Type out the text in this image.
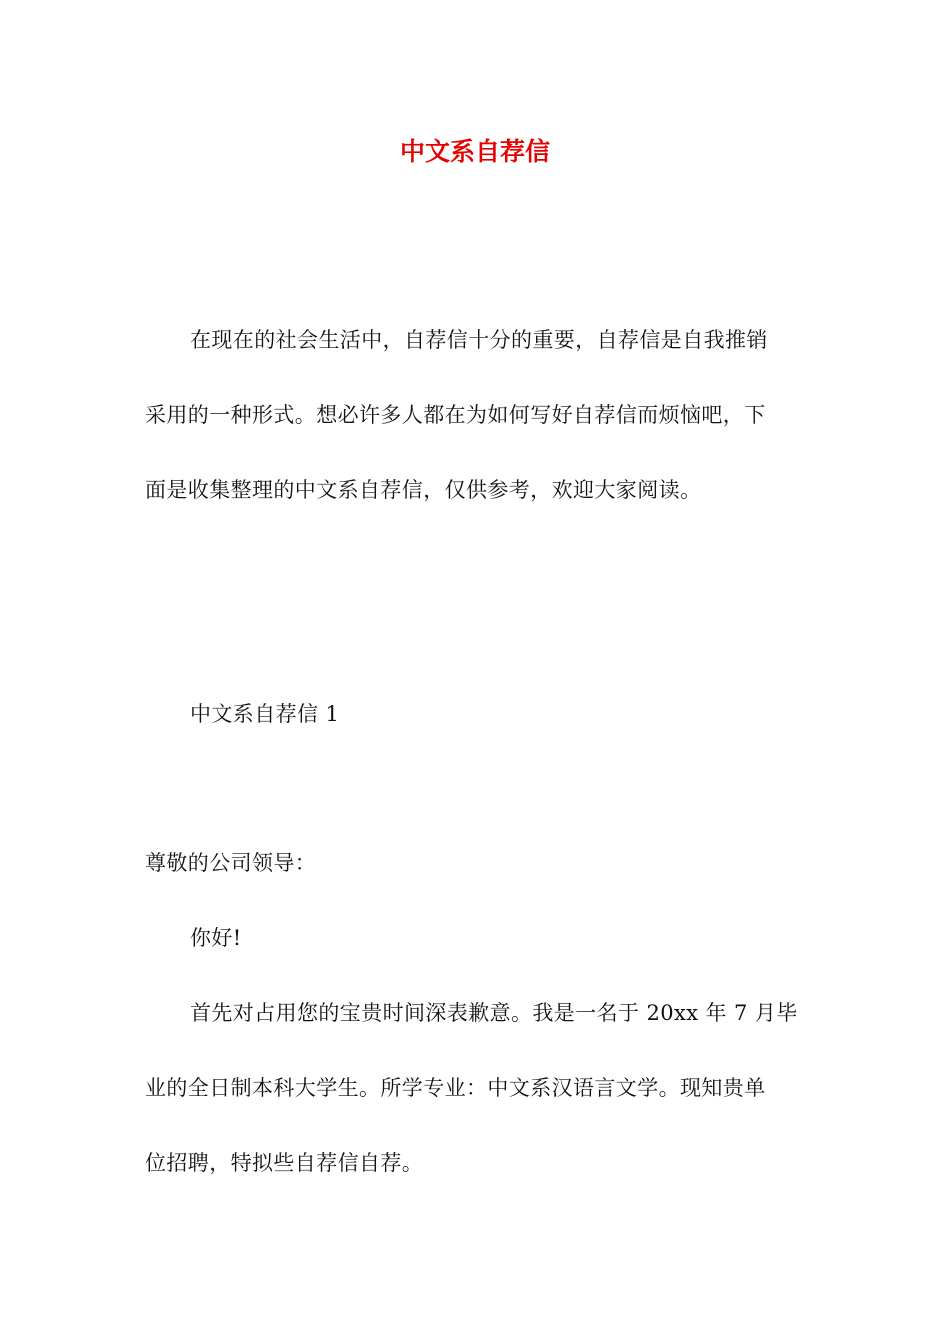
中文系自荐信
在现在的社会生活中，自荐信十分的重要，自荐信是自我推销
采用的一种形式。想必许多人都在为如何写好自荐信而烦恼吧，下
面是收集整理的中文系自荐信，仅供参考，欢迎大家阅读。
中文系自荐信 1
尊敬的公司领导：
你好!
首先对占用您的宝贵时间深表歉意。我是一名于 20xx 年 7 月毕
业的全日制本科大学生。所学专业：中文系汉语言文学。现知贵单
位招聘，特拟些自荐信自荐。
